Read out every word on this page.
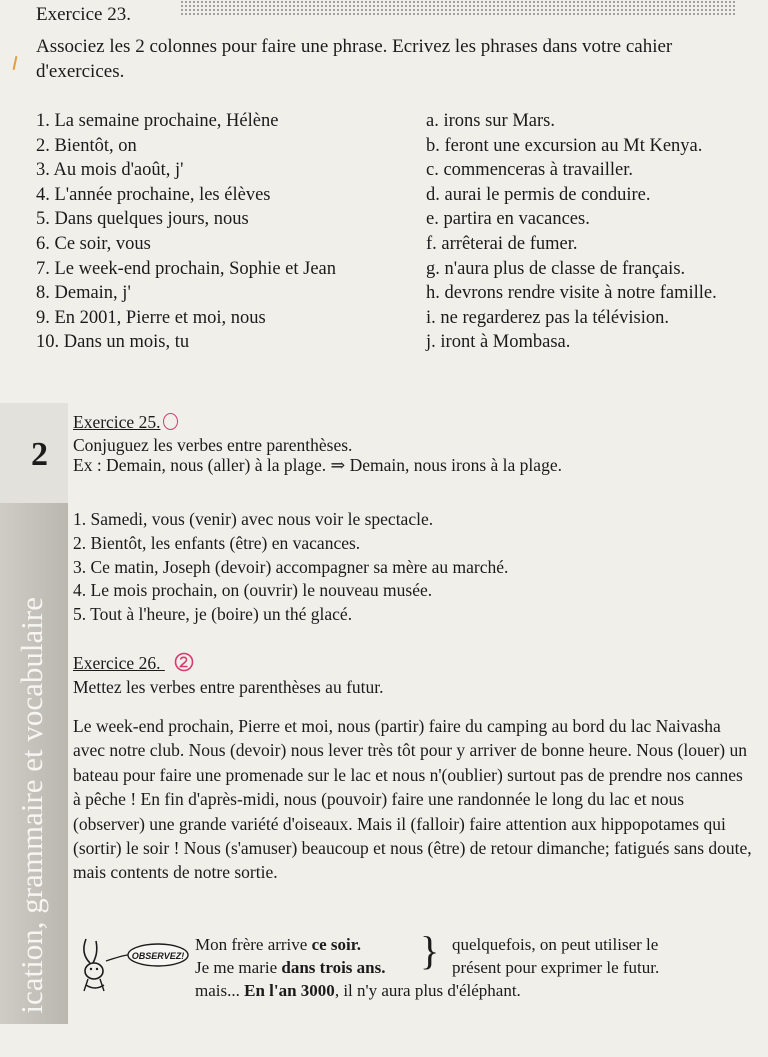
Exercice 23.
Associez les 2 colonnes pour faire une phrase. Ecrivez les phrases dans votre cahier d'exercices.
1. La semaine prochaine, Hélène
2. Bientôt, on
3. Au mois d'août, j'
4. L'année prochaine, les élèves
5. Dans quelques jours, nous
6. Ce soir, vous
7. Le week-end prochain, Sophie et Jean
8. Demain, j'
9. En 2001, Pierre et moi, nous
10. Dans un mois, tu
a. irons sur Mars.
b. feront une excursion au Mt Kenya.
c. commenceras à travailler.
d. aurai le permis de conduire.
e. partira en vacances.
f. arrêterai de fumer.
g. n'aura plus de classe de français.
h. devrons rendre visite à notre famille.
i. ne regarderez pas la télévision.
j. iront à Mombasa.
2
ication, grammaire et vocabulaire
Exercice 25.
Conjuguez les verbes entre parenthèses.
Ex : Demain, nous (aller) à la plage. ⇒ Demain, nous irons à la plage.
1. Samedi, vous (venir) avec nous voir le spectacle.
2. Bientôt, les enfants (être) en vacances.
3. Ce matin, Joseph (devoir) accompagner sa mère au marché.
4. Le mois prochain, on (ouvrir) le nouveau musée.
5. Tout à l'heure, je (boire) un thé glacé.
Exercice 26.
Mettez les verbes entre parenthèses au futur.
Le week-end prochain, Pierre et moi, nous (partir) faire du camping au bord du lac Naivasha avec notre club. Nous (devoir) nous lever très tôt pour y arriver de bonne heure. Nous (louer) un bateau pour faire une promenade sur le lac et nous n'(oublier) surtout pas de prendre nos cannes à pêche ! En fin d'après-midi, nous (pouvoir) faire une randonnée le long du lac et nous (observer) une grande variété d'oiseaux. Mais il (falloir) faire attention aux hippopotames qui (sortir) le soir ! Nous (s'amuser) beaucoup et nous (être) de retour dimanche; fatigués sans doute, mais contents de notre sortie.
OBSERVEZ!
Mon frère arrive ce soir.
Je me marie dans trois ans.
mais... En l'an 3000, il n'y aura plus d'éléphant.
} quelquefois, on peut utiliser le
présent pour exprimer le futur.
